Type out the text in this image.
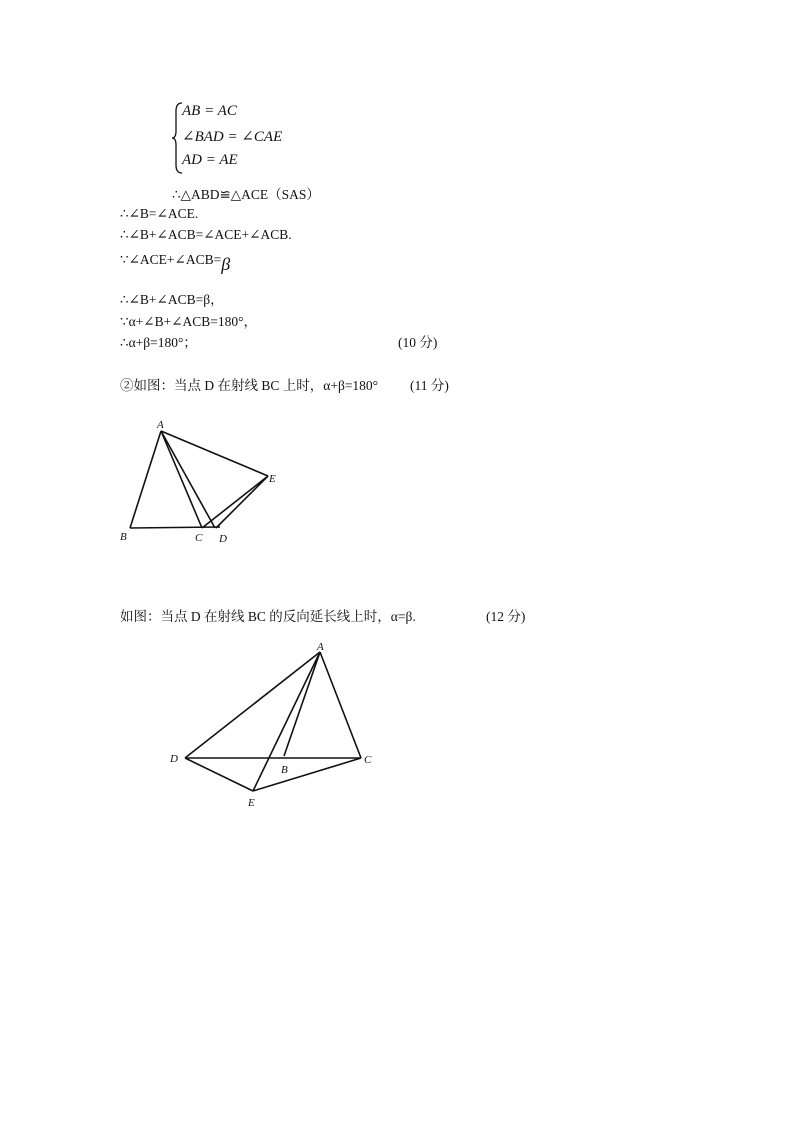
AB = AC
∠BAD = ∠CAE
AD = AE
∴△ABD≌△ACE（SAS）
∴∠B=∠ACE.
∴∠B+∠ACB=∠ACE+∠ACB.
∵∠ACE+∠ACB=β
∴∠B+∠ACB=β，
∵α+∠B+∠ACB=180°，
∴α+β=180°；	(10 分)
②如图：当点 D 在射线 BC 上时，α+β=180° (11 分)
A
B	C D
E
如图：当点 D 在射线 BC 的反向延长线上时，α=β.	(12 分)
A
D
B
C
E
